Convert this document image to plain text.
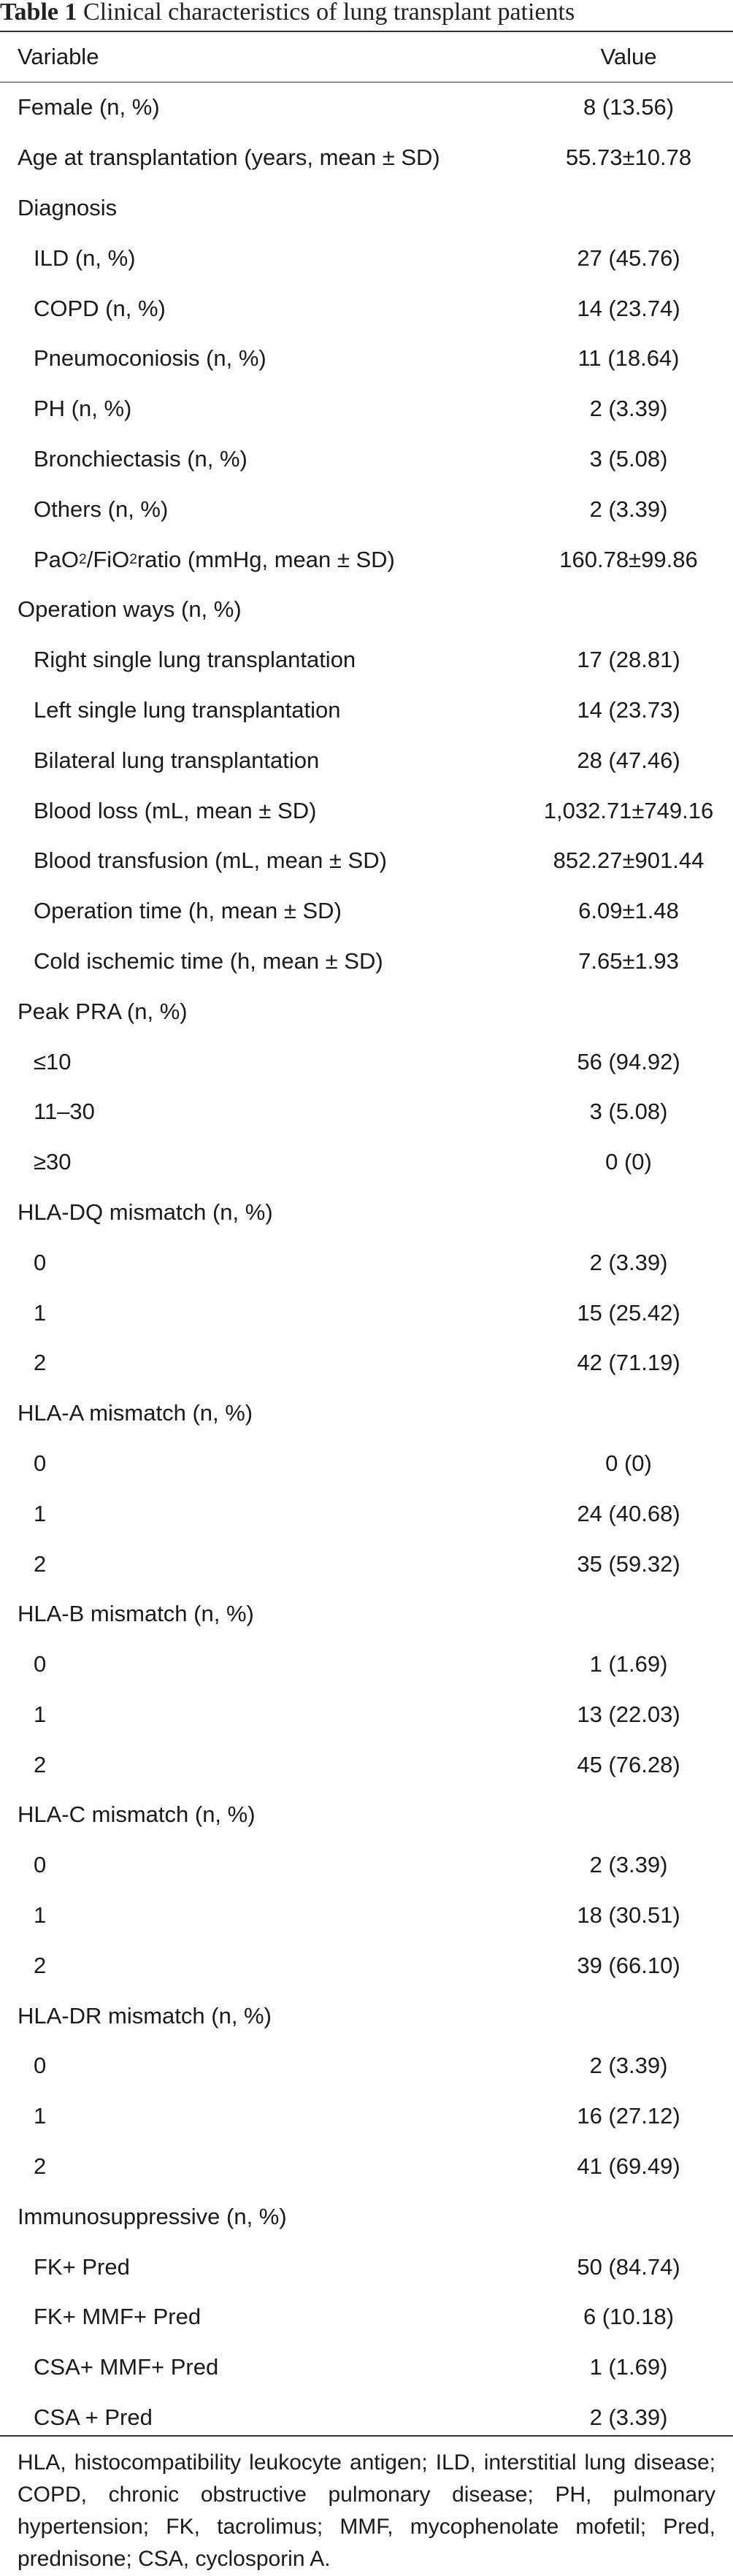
Table 1 Clinical characteristics of lung transplant patients
Variable	Value
Female (n, %)	8 (13.56)
Age at transplantation (years, mean ± SD)	55.73±10.78
Diagnosis
ILD (n, %)	27 (45.76)
COPD (n, %)	14 (23.74)
Pneumoconiosis (n, %)	11 (18.64)
PH (n, %)	2 (3.39)
Bronchiectasis (n, %)	3 (5.08)
Others (n, %)	2 (3.39)
PaO 2 /FiO 2 ratio (mmHg, mean ± SD)	160.78±99.86
Operation ways (n, %)
Right single lung transplantation	17 (28.81)
Left single lung transplantation	14 (23.73)
Bilateral lung transplantation	28 (47.46)
Blood loss (mL, mean ± SD)	1,032.71±749.16
Blood transfusion (mL, mean ± SD)	852.27±901.44
Operation time (h, mean ± SD)	6.09±1.48
Cold ischemic time (h, mean ± SD)	7.65±1.93
Peak PRA (n, %)
≤10	56 (94.92)
11–30	3 (5.08)
≥30	0 (0)
HLA-DQ mismatch (n, %)
0	2 (3.39)
1	15 (25.42)
2	42 (71.19)
HLA-A mismatch (n, %)
0	0 (0)
1	24 (40.68)
2	35 (59.32)
HLA-B mismatch (n, %)
0	1 (1.69)
1	13 (22.03)
2	45 (76.28)
HLA-C mismatch (n, %)
0	2 (3.39)
1	18 (30.51)
2	39 (66.10)
HLA-DR mismatch (n, %)
0	2 (3.39)
1	16 (27.12)
2	41 (69.49)
Immunosuppressive (n, %)
FK+ Pred	50 (84.74)
FK+ MMF+ Pred	6 (10.18)
CSA+ MMF+ Pred	1 (1.69)
CSA + Pred	2 (3.39)
HLA, histocompatibility leukocyte antigen; ILD, interstitial lung disease; COPD, chronic obstructive pulmonary disease; PH, pulmonary hypertension; FK, tacrolimus; MMF, mycophenolate mofetil; Pred, prednisone; CSA, cyclosporin A.
